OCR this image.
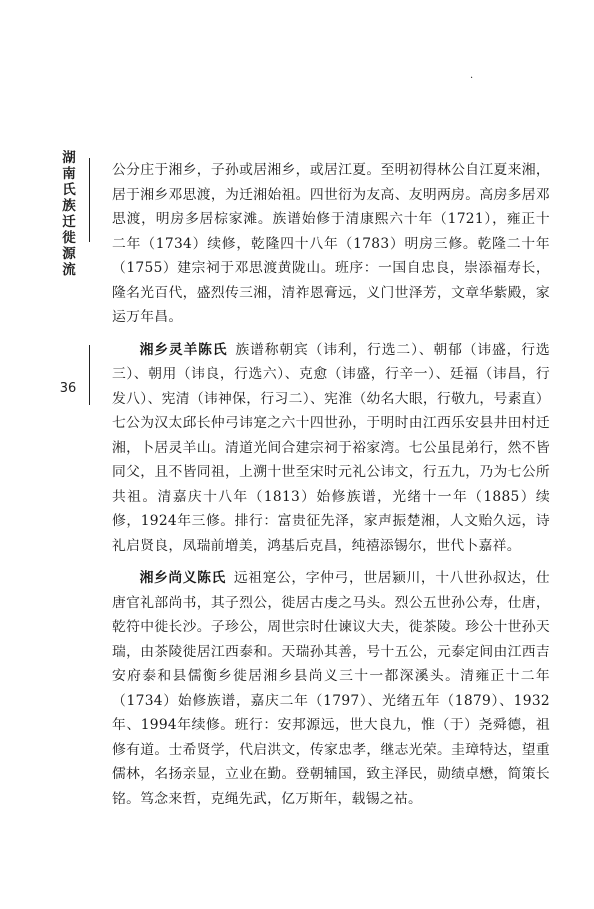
·
湖
南
氏
族
迁
徙
源
流
36

公分庄于湘乡，子孙或居湘乡，或居江夏。至明初得林公自江夏来湘，居于湘乡邓思渡，为迁湘始祖。四世衍为友高、友明两房。高房多居邓思渡，明房多居棕家滩。族谱始修于清康熙六十年（1721），雍正十二年（1734）续修，乾隆四十八年（1783）明房三修。乾隆二十年（1755）建宗祠于邓思渡黄陇山。班序：一国自忠良，崇添福寿长，隆名光百代，盛烈传三湘，清祚恩膏远，义门世泽芳，文章华紫殿，家运万年昌。

湘乡灵羊陈氏 族谱称朝宾（讳利，行选二）、朝郁（讳盛，行选三）、朝用（讳良，行选六）、克愈（讳盛，行辛一）、廷福（讳昌，行发八）、宪清（讳神保，行习二）、宪淮（幼名大眼，行敬九，号素直）七公为汉太邱长仲弓讳寔之六十四世孙，于明时由江西乐安县井田村迁湘，卜居灵羊山。清道光间合建宗祠于裕家湾。七公虽昆弟行，然不皆同父，且不皆同祖，上溯十世至宋时元礼公讳文，行五九，乃为七公所共祖。清嘉庆十八年（1813）始修族谱，光绪十一年（1885）续修，1924年三修。排行：富贵征先泽，家声振楚湘，人文贻久远，诗礼启贤良，凤瑞前增美，鸿基后克昌，纯禧添锡尔，世代卜嘉祥。

湘乡尚义陈氏 远祖寔公，字仲弓，世居颍川，十八世孙叔达，仕唐官礼部尚书，其子烈公，徙居古虔之马头。烈公五世孙公寿，仕唐，乾符中徙长沙。子珍公，周世宗时仕谏议大夫，徙茶陵。珍公十世孙天瑞，由茶陵徙居江西泰和。天瑞孙其善，号十五公，元泰定间由江西吉安府泰和县儒衡乡徙居湘乡县尚义三十一都深溪头。清雍正十二年（1734）始修族谱，嘉庆二年（1797）、光绪五年（1879）、1932年、1994年续修。班行：安邦源远，世大良九，惟（于）尧舜德，祖修有道。士希贤学，代启洪文，传家忠孝，继志光荣。圭璋特达，望重儒林，名扬亲显，立业在勤。登朝辅国，致主泽民，勋绩卓懋，简策长铭。笃念来哲，克绳先武，亿万斯年，载锡之祜。
